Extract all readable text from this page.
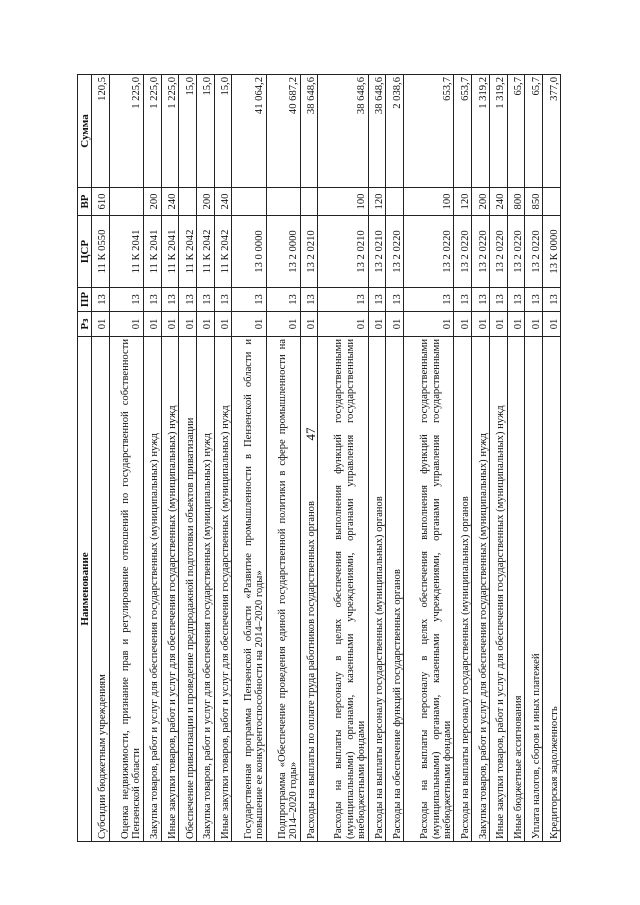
47
Наименование	Рз	ПР	ЦСР	ВР	Сумма
Субсидии бюджетным учреждениям	01	13	11 К 0550	610	120,5
Оценка недвижимости, признание прав и регулирование отношений по государственной собственности Пензенской области	01	13	11 К 2041		1 225,0
Закупка товаров, работ и услуг для обеспечения государственных (муниципальных) нужд	01	13	11 К 2041	200	1 225,0
Иные закупки товаров, работ и услуг для обеспечения государственных (муниципальных) нужд	01	13	11 К 2041	240	1 225,0
Обеспечение приватизации и проведение предпродажной подготовки объектов приватизации	01	13	11 К 2042		15,0
Закупка товаров, работ и услуг для обеспечения государственных (муниципальных) нужд	01	13	11 К 2042	200	15,0
Иные закупки товаров, работ и услуг для обеспечения государственных (муниципальных) нужд	01	13	11 К 2042	240	15,0
Государственная программа Пензенской области «Развитие промышленности в Пензенской области и повышение ее конкурентоспособности на 2014–2020 годы»	01	13	13 0 0000		41 064,2
Подпрограмма «Обеспечение проведения единой государственной политики в сфере промышленности на 2014–2020 годы»	01	13	13 2 0000		40 687,2
Расходы на выплаты по оплате труда работников государственных органов	01	13	13 2 0210		38 648,6
Расходы на выплаты персоналу в целях обеспечения выполнения функций государственными (муниципальными) органами, казенными учреждениями, органами управления государственными внебюджетными фондами	01	13	13 2 0210	100	38 648,6
Расходы на выплаты персоналу государственных (муниципальных) органов	01	13	13 2 0210	120	38 648,6
Расходы на обеспечение функций государственных органов	01	13	13 2 0220		2 038,6
Расходы на выплаты персоналу в целях обеспечения выполнения функций государственными (муниципальными) органами, казенными учреждениями, органами управления государственными внебюджетными фондами	01	13	13 2 0220	100	653,7
Расходы на выплаты персоналу государственных (муниципальных) органов	01	13	13 2 0220	120	653,7
Закупка товаров, работ и услуг для обеспечения государственных (муниципальных) нужд	01	13	13 2 0220	200	1 319,2
Иные закупки товаров, работ и услуг для обеспечения государственных (муниципальных) нужд	01	13	13 2 0220	240	1 319,2
Иные бюджетные ассигнования	01	13	13 2 0220	800	65,7
Уплата налогов, сборов и иных платежей	01	13	13 2 0220	850	65,7
Кредиторская задолженность	01	13	13 К 0000		377,0
